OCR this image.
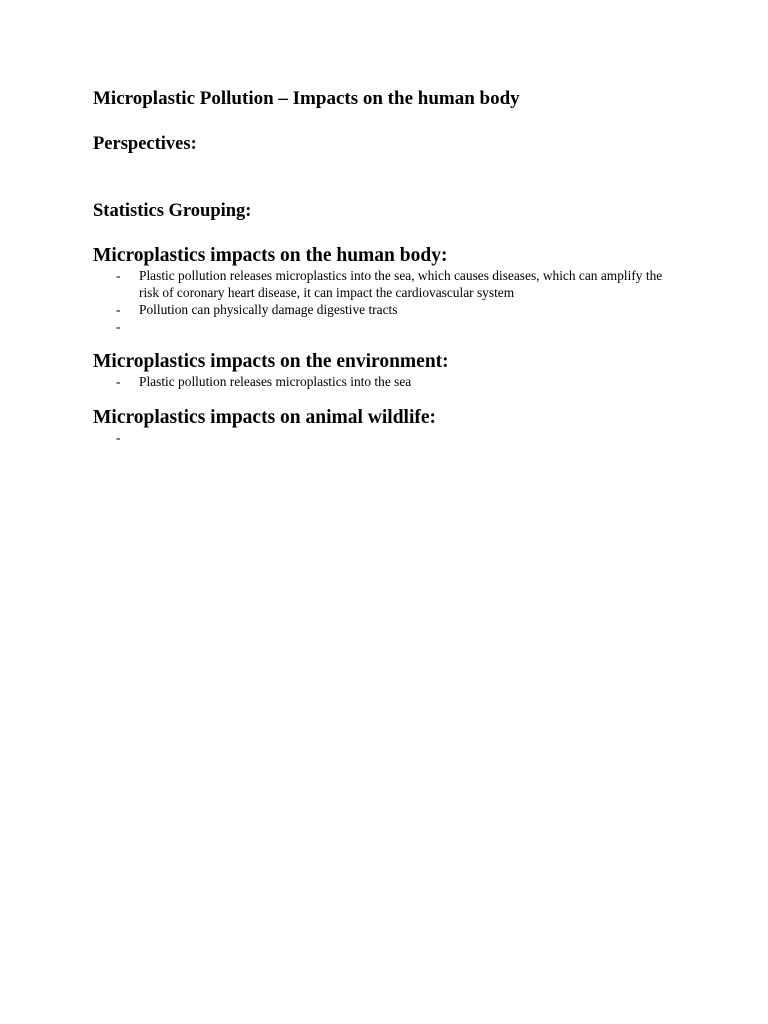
Microplastic Pollution – Impacts on the human body

Perspectives:

Statistics Grouping:

Microplastics impacts on the human body:

- Plastic pollution releases microplastics into the sea, which causes diseases, which can amplify the risk of coronary heart disease, it can impact the cardiovascular system
- Pollution can physically damage digestive tracts
-

Microplastics impacts on the environment:

- Plastic pollution releases microplastics into the sea

Microplastics impacts on animal wildlife:

-
